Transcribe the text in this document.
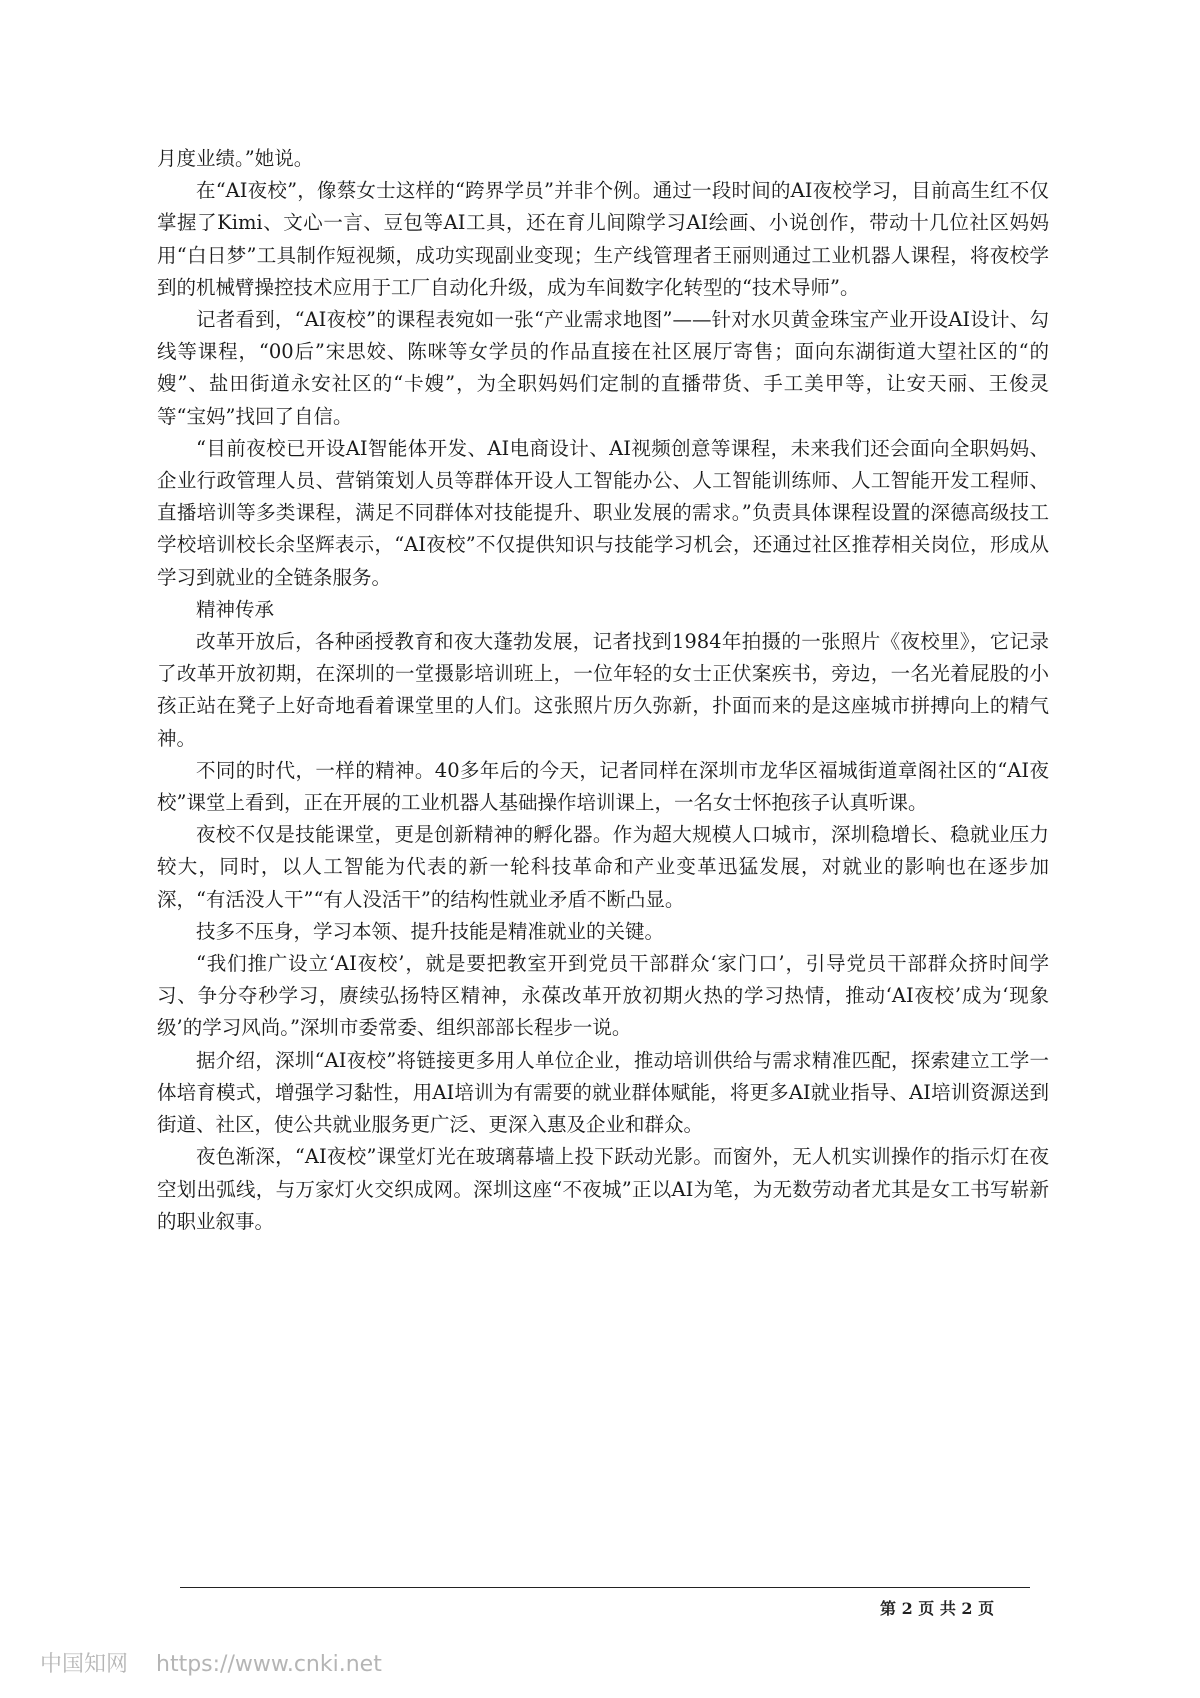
月度业绩。”她说。

在“AI夜校”，像蔡女士这样的“跨界学员”并非个例。通过一段时间的AI夜校学习，目前高生红不仅掌握了Kimi、文心一言、豆包等AI工具，还在育儿间隙学习AI绘画、小说创作，带动十几位社区妈妈用“白日梦”工具制作短视频，成功实现副业变现；生产线管理者王丽则通过工业机器人课程，将夜校学到的机械臂操控技术应用于工厂自动化升级，成为车间数字化转型的“技术导师”。

记者看到，“AI夜校”的课程表宛如一张“产业需求地图”——针对水贝黄金珠宝产业开设AI设计、勾线等课程，“00后”宋思姣、陈咪等女学员的作品直接在社区展厅寄售；面向东湖街道大望社区的“的嫂”、盐田街道永安社区的“卡嫂”，为全职妈妈们定制的直播带货、手工美甲等，让安天丽、王俊灵等“宝妈”找回了自信。

“目前夜校已开设AI智能体开发、AI电商设计、AI视频创意等课程，未来我们还会面向全职妈妈、企业行政管理人员、营销策划人员等群体开设人工智能办公、人工智能训练师、人工智能开发工程师、直播培训等多类课程，满足不同群体对技能提升、职业发展的需求。”负责具体课程设置的深德高级技工学校培训校长余坚辉表示，“AI夜校”不仅提供知识与技能学习机会，还通过社区推荐相关岗位，形成从学习到就业的全链条服务。

精神传承

改革开放后，各种函授教育和夜大蓬勃发展，记者找到1984年拍摄的一张照片《夜校里》，它记录了改革开放初期，在深圳的一堂摄影培训班上，一位年轻的女士正伏案疾书，旁边，一名光着屁股的小孩正站在凳子上好奇地看着课堂里的人们。这张照片历久弥新，扑面而来的是这座城市拼搏向上的精气神。

不同的时代，一样的精神。40多年后的今天，记者同样在深圳市龙华区福城街道章阁社区的“AI夜校”课堂上看到，正在开展的工业机器人基础操作培训课上，一名女士怀抱孩子认真听课。

夜校不仅是技能课堂，更是创新精神的孵化器。作为超大规模人口城市，深圳稳增长、稳就业压力较大，同时，以人工智能为代表的新一轮科技革命和产业变革迅猛发展，对就业的影响也在逐步加深，“有活没人干”“有人没活干”的结构性就业矛盾不断凸显。

技多不压身，学习本领、提升技能是精准就业的关键。

“我们推广设立‘AI夜校’，就是要把教室开到党员干部群众‘家门口’，引导党员干部群众挤时间学习、争分夺秒学习，赓续弘扬特区精神，永葆改革开放初期火热的学习热情，推动‘AI夜校’成为‘现象级’的学习风尚。”深圳市委常委、组织部部长程步一说。

据介绍，深圳“AI夜校”将链接更多用人单位企业，推动培训供给与需求精准匹配，探索建立工学一体培育模式，增强学习黏性，用AI培训为有需要的就业群体赋能，将更多AI就业指导、AI培训资源送到街道、社区，使公共就业服务更广泛、更深入惠及企业和群众。

夜色渐深，“AI夜校”课堂灯光在玻璃幕墙上投下跃动光影。而窗外，无人机实训操作的指示灯在夜空划出弧线，与万家灯火交织成网。深圳这座“不夜城”正以AI为笔，为无数劳动者尤其是女工书写崭新的职业叙事。

第 2 页 共 2 页
中国知网 https://www.cnki.net
